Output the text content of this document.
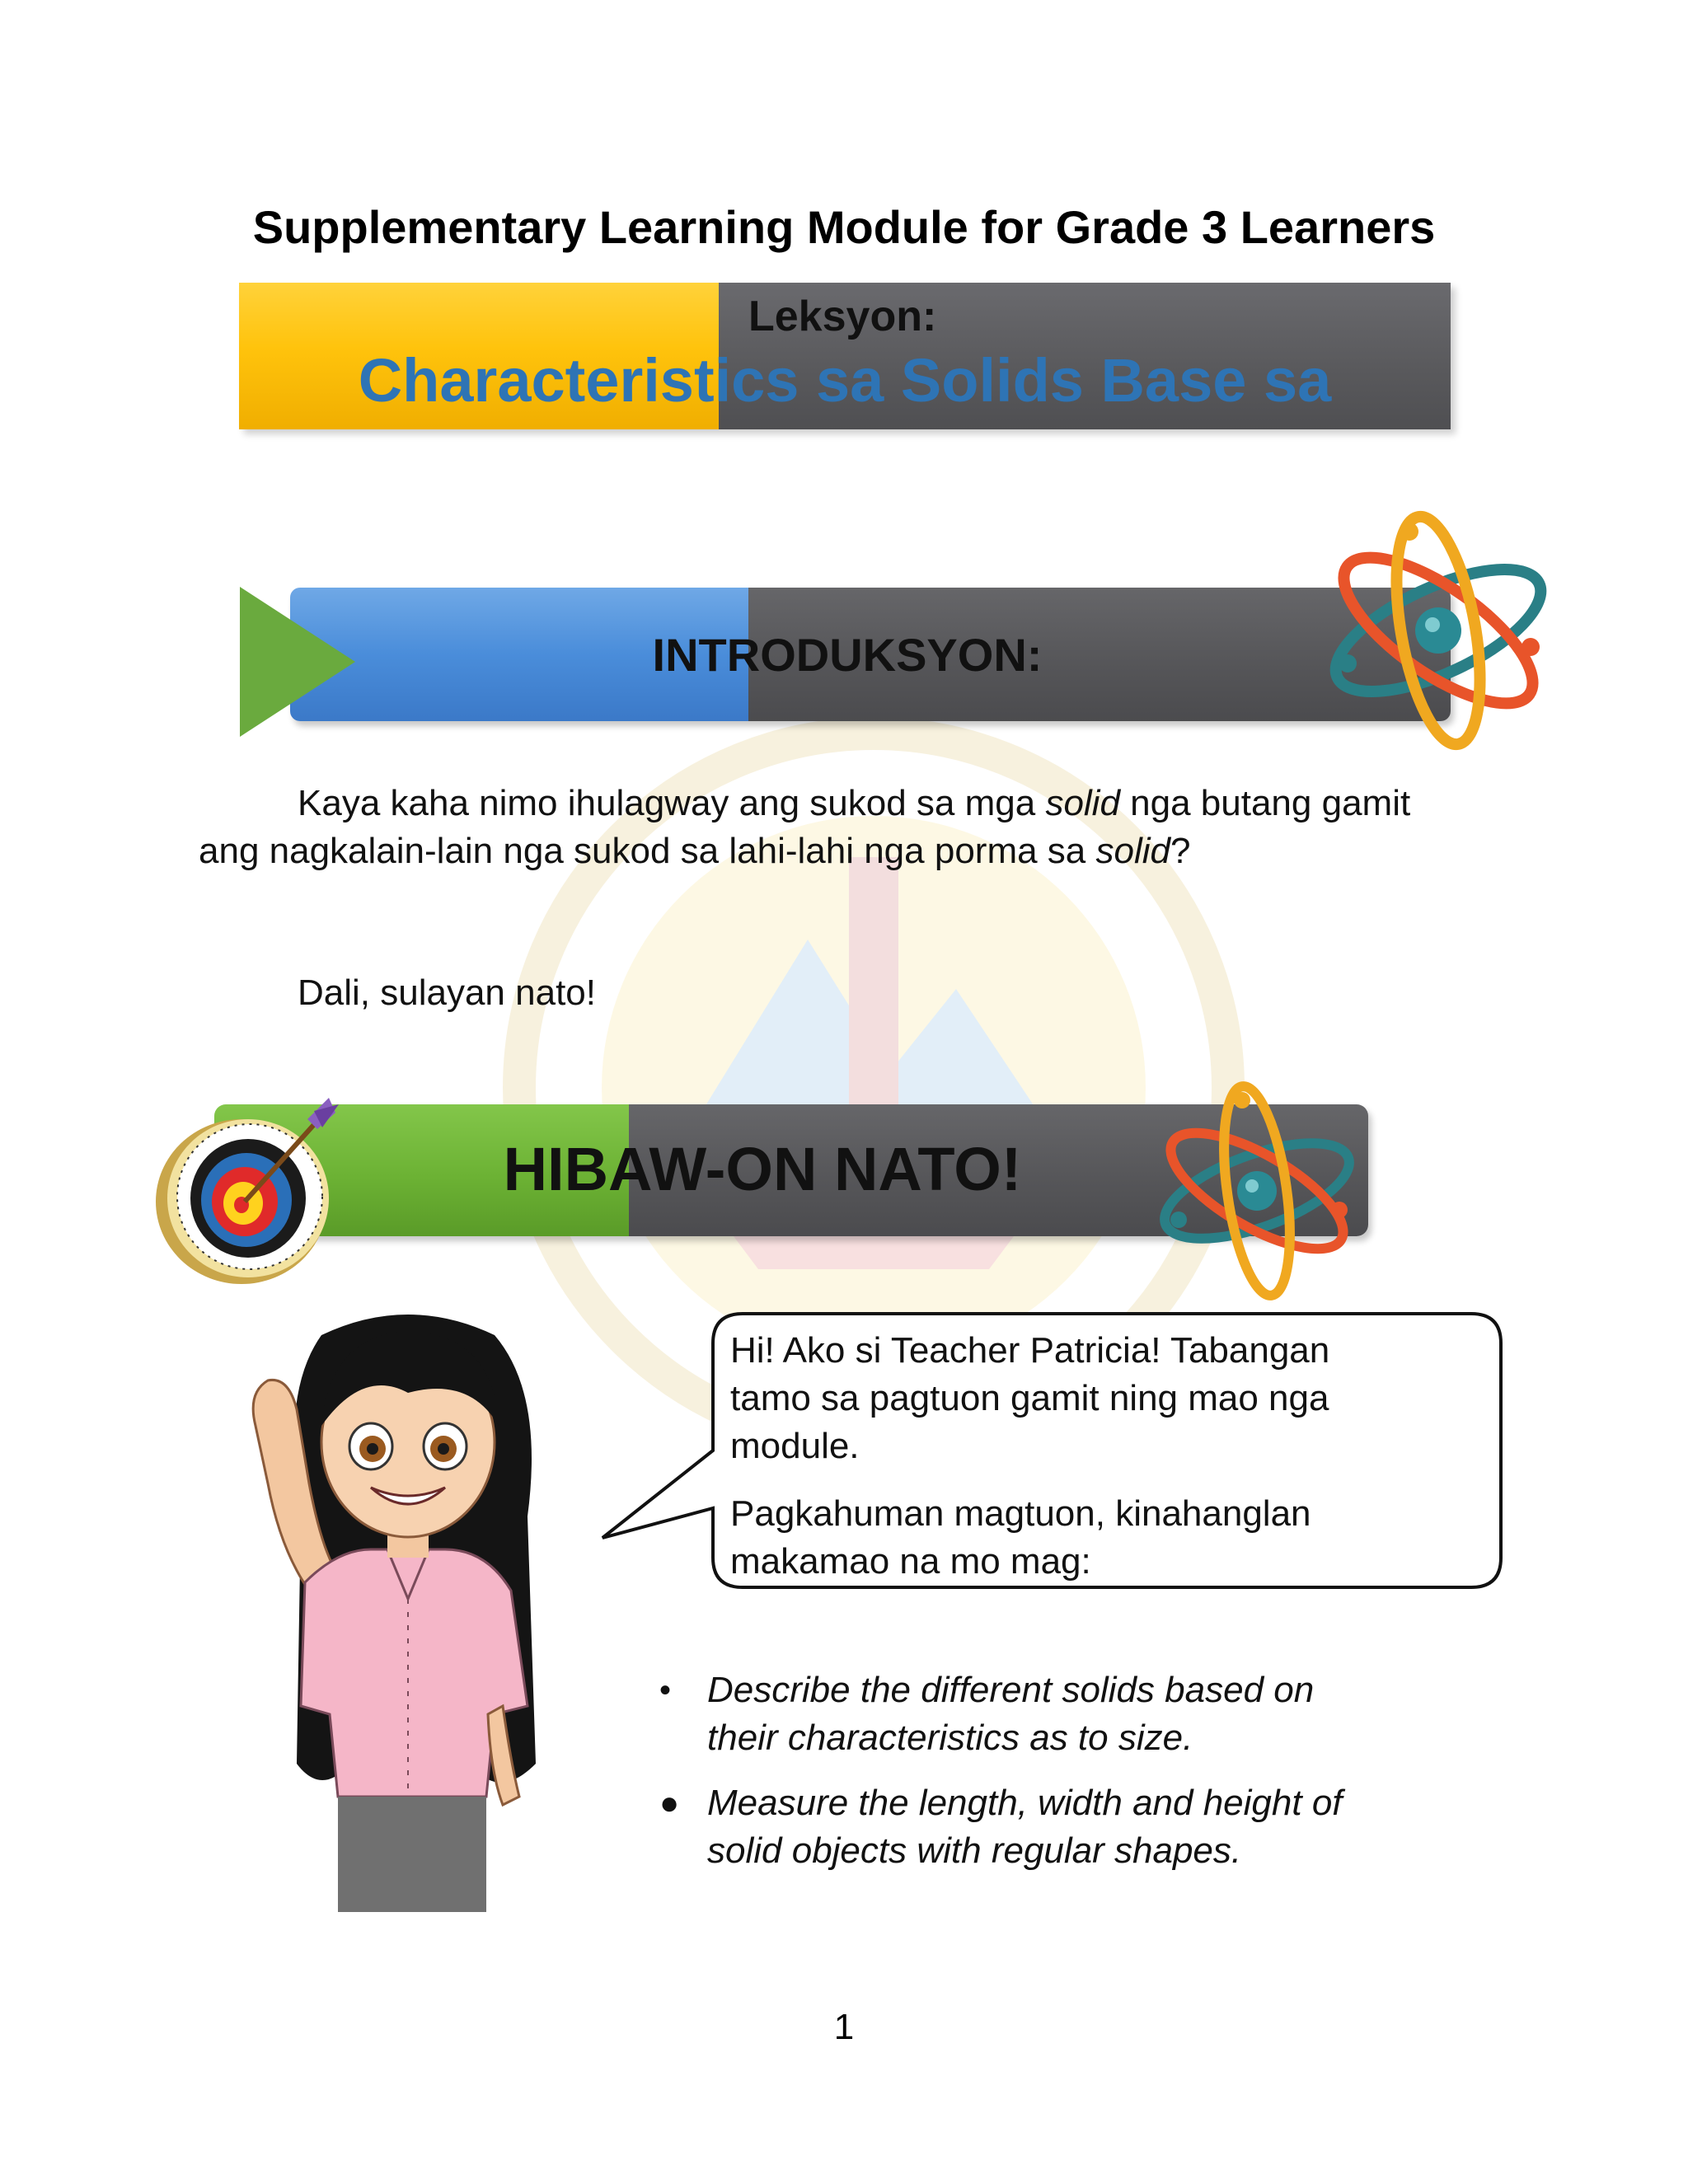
Supplementary Learning Module for Grade 3 Learners
Leksyon:
Characteristics sa Solids Base sa
INTRODUKSYON:
Kaya kaha nimo ihulagway ang sukod sa mga solid nga butang gamit
ang nagkalain-lain nga sukod sa lahi-lahi nga porma sa solid?
Dali, sulayan nato!
HIBAW-ON NATO!

Hi! Ako si Teacher Patricia! Tabangan
tamo sa pagtuon gamit ning mao nga
module.

Pagkahuman magtuon, kinahanglan
makamao na mo mag:

• Describe the different solids based on
their characteristics as to size.
● Measure the length, width and height of
solid objects with regular shapes.
1
